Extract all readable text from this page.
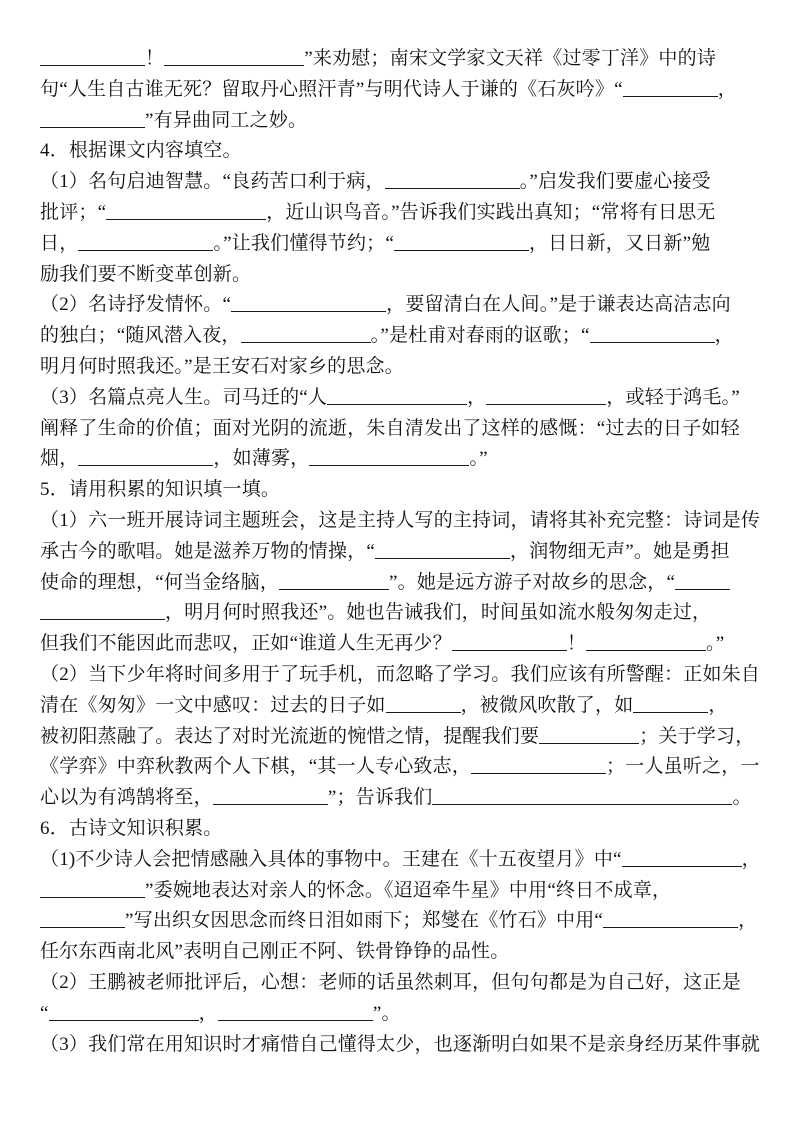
！	”来劝慰；南宋文学家文天祥《过零丁洋》中的诗
句“人生自古谁无死？留取丹心照汗青”与明代诗人于谦的《石灰吟》“	，
”有异曲同工之妙。
4．根据课文内容填空。
（1）名句启迪智慧。“良药苦口利于病，	。”启发我们要虚心接受
批评；“	，近山识鸟音。”告诉我们实践出真知；“常将有日思无
日，	。”让我们懂得节约；“	，日日新，又日新”勉
励我们要不断变革创新。
（2）名诗抒发情怀。“	，要留清白在人间。”是于谦表达高洁志向
的独白；“随风潜入夜，	。”是杜甫对春雨的讴歌；“	，
明月何时照我还。”是王安石对家乡的思念。
（3）名篇点亮人生。司马迁的“人	，	，或轻于鸿毛。”
阐释了生命的价值；面对光阴的流逝，朱自清发出了这样的感慨：“过去的日子如轻
烟，	，如薄雾，	。”
5．请用积累的知识填一填。
（1）六一班开展诗词主题班会，这是主持人写的主持词，请将其补充完整：诗词是传
承古今的歌唱。她是滋养万物的情操，“	，润物细无声”。她是勇担
使命的理想，“何当金络脑，	”。她是远方游子对故乡的思念，“
，明月何时照我还”。她也告诫我们，时间虽如流水般匆匆走过，
但我们不能因此而悲叹，正如“谁道人生无再少？	！	。”
（2）当下少年将时间多用于了玩手机，而忽略了学习。我们应该有所警醒：正如朱自
清在《匆匆》一文中感叹：过去的日子如	，被微风吹散了，如	，
被初阳蒸融了。表达了对时光流逝的惋惜之情，提醒我们要	；关于学习，
《学弈》中弈秋教两个人下棋，“其一人专心致志，	；一人虽听之，一
心以为有鸿鹄将至，	”；告诉我们	。
6．古诗文知识积累。
（1)不少诗人会把情感融入具体的事物中。王建在《十五夜望月》中“	，
”委婉地表达对亲人的怀念。《迢迢牵牛星》中用“终日不成章，
”写出织女因思念而终日泪如雨下；郑燮在《竹石》中用“	，
任尔东西南北风”表明自己刚正不阿、铁骨铮铮的品性。
（2）王鹏被老师批评后，心想：老师的话虽然刺耳，但句句都是为自己好，这正是
“	，	”。
（3）我们常在用知识时才痛惜自己懂得太少，也逐渐明白如果不是亲身经历某件事就
